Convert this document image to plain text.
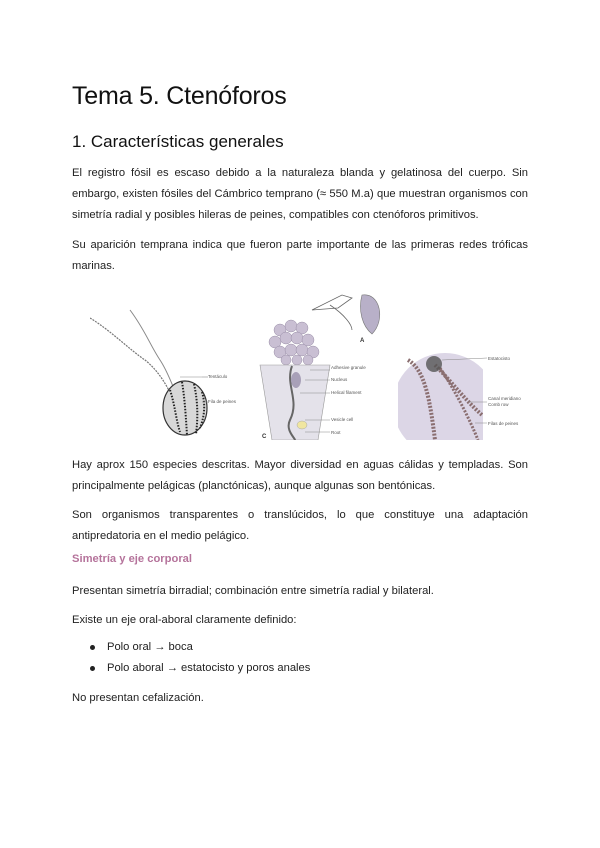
Tema 5. Ctenóforos
1. Características generales

El registro fósil es escaso debido a la naturaleza blanda y gelatinosa del cuerpo. Sin embargo, existen fósiles del Cámbrico temprano (≈ 550 M.a) que muestran organismos con simetría radial y posibles hileras de peines, compatibles con ctenóforos primitivos.

Su aparición temprana indica que fueron parte importante de las primeras redes tróficas marinas.

Tentáculo
Fila de peines
Adhesive granule
Nucleus
Helical filament
Vesicle cell
Root
A
C
Estatocisto
Canal meridiano
Comb row
Filas de peines

Hay aprox 150 especies descritas. Mayor diversidad en aguas cálidas y templadas. Son principalmente pelágicas (planctónicas), aunque algunas son bentónicas.

Son organismos transparentes o translúcidos, lo que constituye una adaptación antipredatoria en el medio pelágico.

Simetría y eje corporal

Presentan simetría birradial; combinación entre simetría radial y bilateral.

Existe un eje oral-aboral claramente definido:

Polo oral → boca
Polo aboral → estatocisto y poros anales

No presentan cefalización.
